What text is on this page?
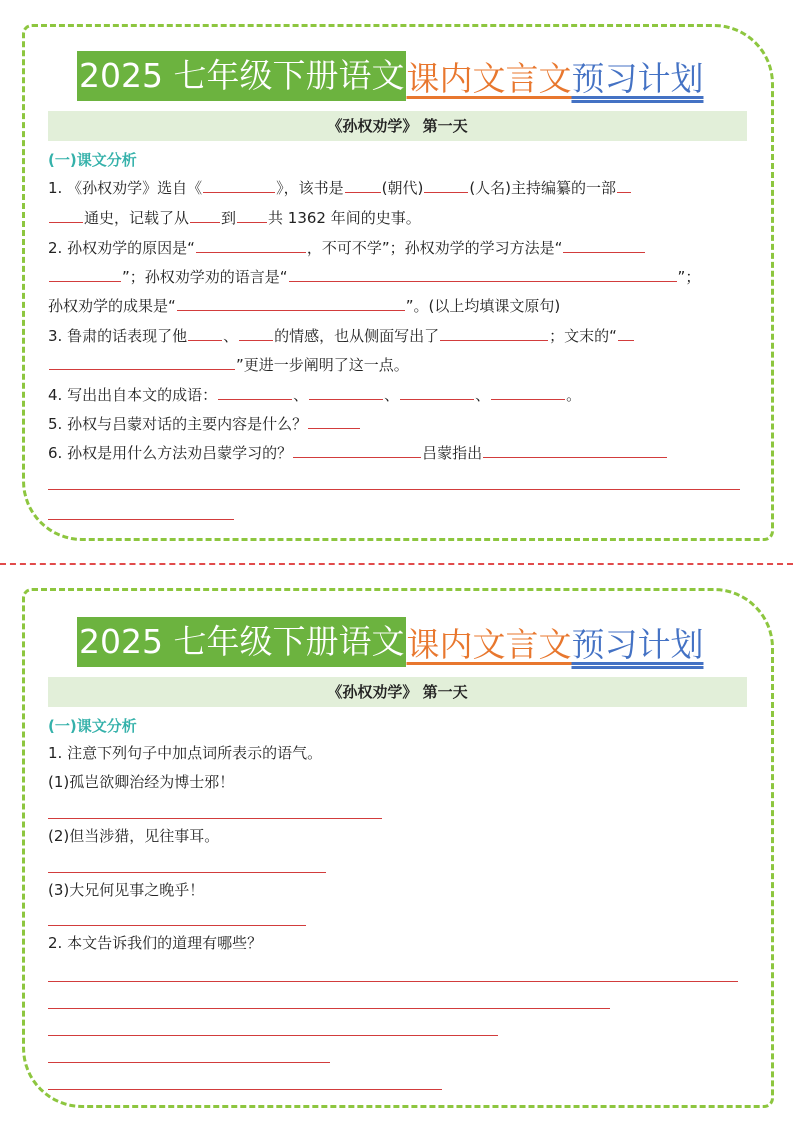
2025 七年级下册语文 课内文言文 预习计划
《孙权劝学》 第一天
(一)课文分析
1. 《孙权劝学》选自《	》，该书是	(朝代)	(人名)主持编纂的一部
通史，记载了从 到 共 1362 年间的史事。
2. 孙权劝学的原因是“	，不可不学”；孙权劝学的学习方法是“
”；孙权劝学劝的语言是“	”；
孙权劝学的成果是“	”。(以上均填课文原句)
3. 鲁肃的话表现了他 、 的情感，也从侧面写出了	；文末的“
”更进一步阐明了这一点。
4. 写出出自本文的成语：	、	、	、	。
5. 孙权与吕蒙对话的主要内容是什么？
6. 孙权是用什么方法劝吕蒙学习的？	吕蒙指出
2025 七年级下册语文 课内文言文 预习计划
《孙权劝学》 第一天
(一)课文分析
1. 注意下列句子中加点词所表示的语气。
(1)孤岂欲卿治经为博士邪！
(2)但当涉猎，见往事耳。
(3)大兄何见事之晚乎！
2. 本文告诉我们的道理有哪些？
